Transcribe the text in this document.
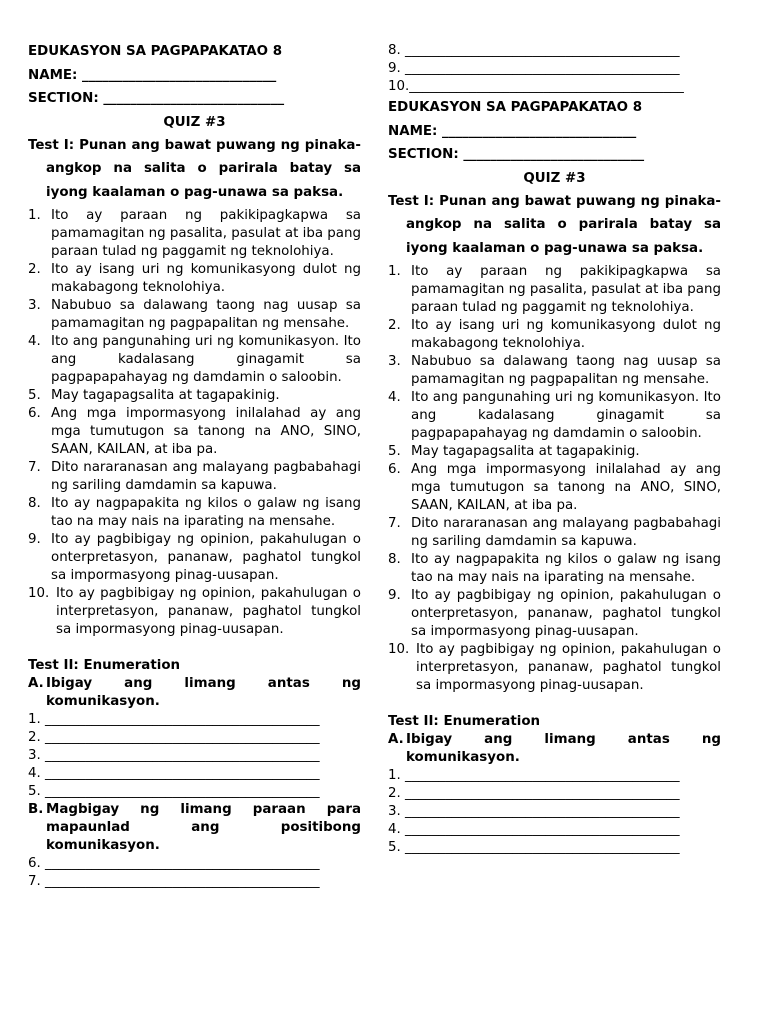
EDUKASYON SA PAGPAPAKATAO 8
NAME: _____________________________
SECTION: ___________________________
QUIZ #3
Test I: Punan ang bawat puwang ng pinaka-angkop na salita o parirala batay sa iyong kaalaman o pag-unawa sa paksa.
1. Ito ay paraan ng pakikipagkapwa sa pamamagitan ng pasalita, pasulat at iba pang paraan tulad ng paggamit ng teknolohiya.
2. Ito ay isang uri ng komunikasyong dulot ng makabagong teknolohiya.
3. Nabubuo sa dalawang taong nag uusap sa pamamagitan ng pagpapalitan ng mensahe.
4. Ito ang pangunahing uri ng komunikasyon. Ito ang kadalasang ginagamit sa pagpapapahayag ng damdamin o saloobin.
5. May tagapagsalita at tagapakinig.
6. Ang mga impormasyong inilalahad ay ang mga tumutugon sa tanong na ANO, SINO, SAAN, KAILAN, at iba pa.
7. Dito nararanasan ang malayang pagbabahagi ng sariling damdamin sa kapuwa.
8. Ito ay nagpapakita ng kilos o galaw ng isang tao na may nais na iparating na mensahe.
9. Ito ay pagbibigay ng opinion, pakahulugan o onterpretasyon, pananaw, paghatol tungkol sa impormasyong pinag-uusapan.
10. Ito ay pagbibigay ng opinion, pakahulugan o interpretasyon, pananaw, paghatol tungkol sa impormasyong pinag-uusapan.
Test II: Enumeration
A. Ibigay ang limang antas ng komunikasyon.
1. _________________________________________
2. _________________________________________
3. _________________________________________
4. _________________________________________
5. _________________________________________
B. Magbigay ng limang paraan para mapaunlad ang positibong komunikasyon.
6. _________________________________________
7. _________________________________________
8. _________________________________________
9. _________________________________________
10._________________________________________
EDUKASYON SA PAGPAPAKATAO 8
NAME: _____________________________
SECTION: ___________________________
QUIZ #3
Test I: Punan ang bawat puwang ng pinaka-angkop na salita o parirala batay sa iyong kaalaman o pag-unawa sa paksa.
1. Ito ay paraan ng pakikipagkapwa sa pamamagitan ng pasalita, pasulat at iba pang paraan tulad ng paggamit ng teknolohiya.
2. Ito ay isang uri ng komunikasyong dulot ng makabagong teknolohiya.
3. Nabubuo sa dalawang taong nag uusap sa pamamagitan ng pagpapalitan ng mensahe.
4. Ito ang pangunahing uri ng komunikasyon. Ito ang kadalasang ginagamit sa pagpapapahayag ng damdamin o saloobin.
5. May tagapagsalita at tagapakinig.
6. Ang mga impormasyong inilalahad ay ang mga tumutugon sa tanong na ANO, SINO, SAAN, KAILAN, at iba pa.
7. Dito nararanasan ang malayang pagbabahagi ng sariling damdamin sa kapuwa.
8. Ito ay nagpapakita ng kilos o galaw ng isang tao na may nais na iparating na mensahe.
9. Ito ay pagbibigay ng opinion, pakahulugan o onterpretasyon, pananaw, paghatol tungkol sa impormasyong pinag-uusapan.
10. Ito ay pagbibigay ng opinion, pakahulugan o interpretasyon, pananaw, paghatol tungkol sa impormasyong pinag-uusapan.
Test II: Enumeration
A. Ibigay ang limang antas ng komunikasyon.
1. _________________________________________
2. _________________________________________
3. _________________________________________
4. _________________________________________
5. _________________________________________
